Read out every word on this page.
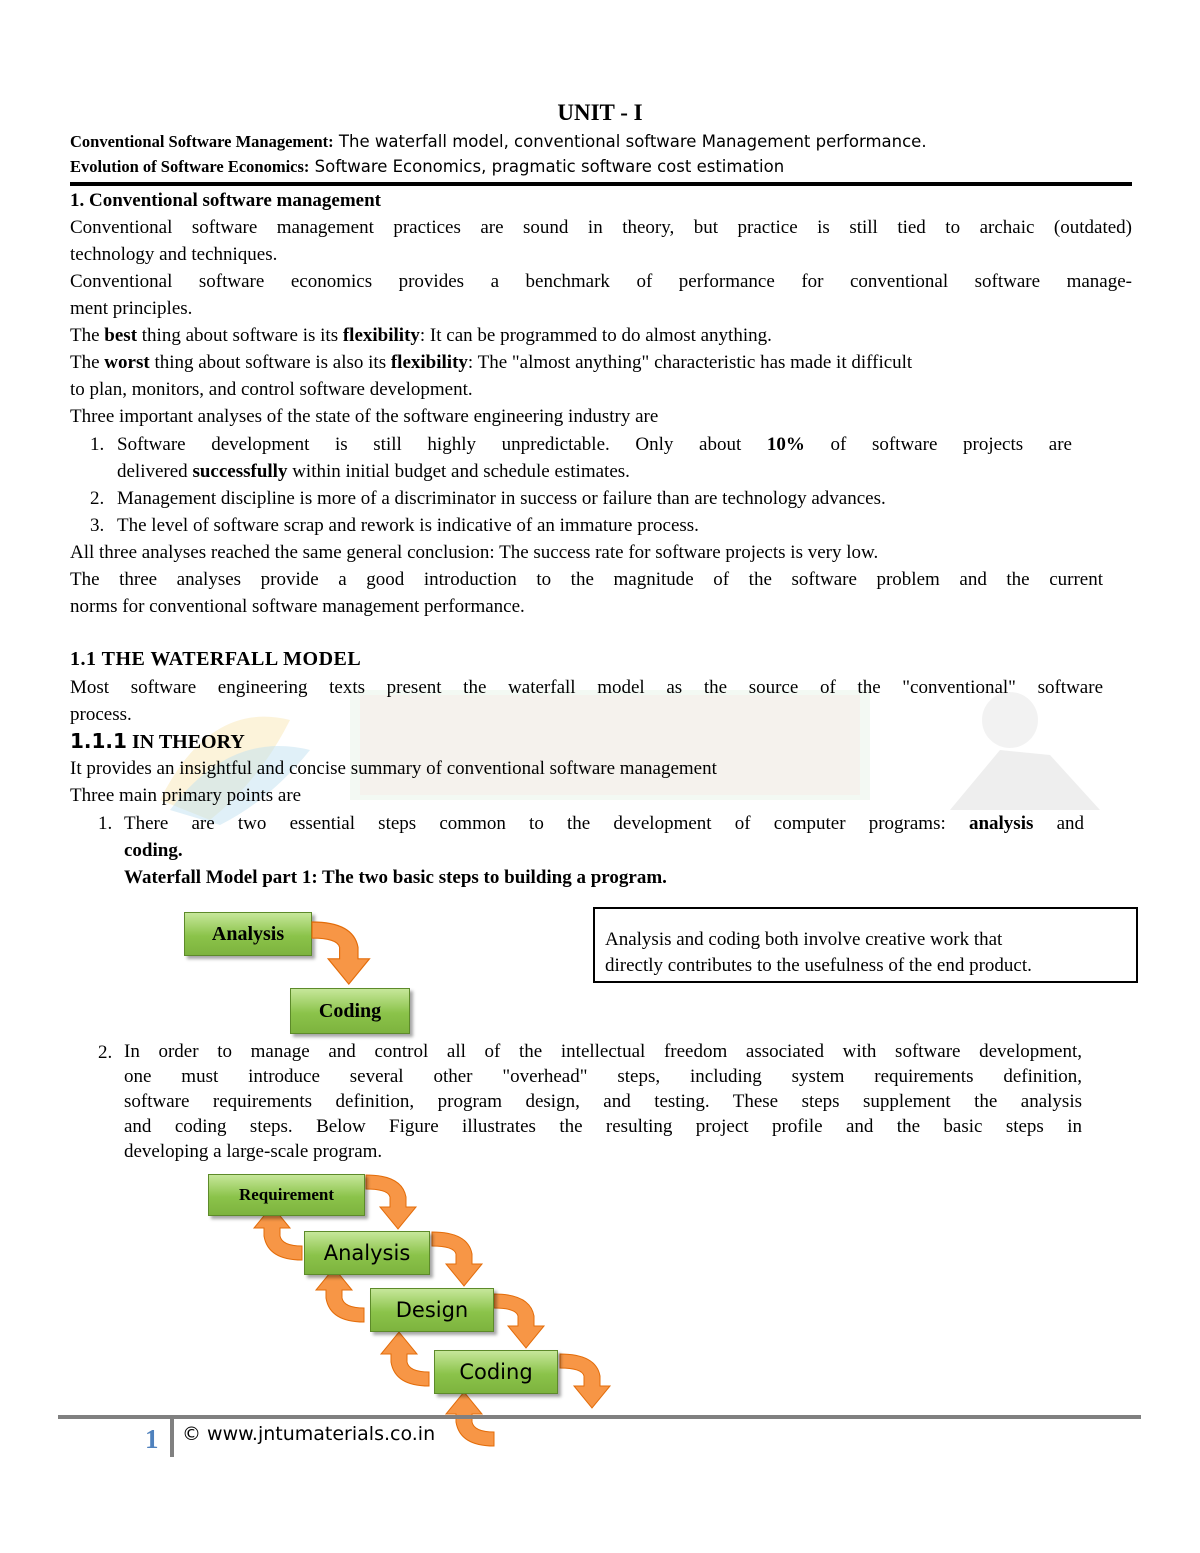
UNIT - I
Conventional Software Management: The waterfall model, conventional software Management performance.
Evolution of Software Economics: Software Economics, pragmatic software cost estimation
1. Conventional software management
Conventional software management practices are sound in theory, but practice is still tied to archaic (outdated)
technology and techniques.
Conventional software economics provides a benchmark of performance for conventional software manage-
ment principles.
The best thing about software is its flexibility: It can be programmed to do almost anything.
The worst thing about software is also its flexibility: The "almost anything" characteristic has made it difficult
to plan, monitors, and control software development.
Three important analyses of the state of the software engineering industry are
1. Software development is still highly unpredictable. Only about 10% of software projects are
delivered successfully within initial budget and schedule estimates.
2. Management discipline is more of a discriminator in success or failure than are technology advances.
3. The level of software scrap and rework is indicative of an immature process.
All three analyses reached the same general conclusion: The success rate for software projects is very low.
The three analyses provide a good introduction to the magnitude of the software problem and the current
norms for conventional software management performance.
1.1 THE WATERFALL MODEL
Most software engineering texts present the waterfall model as the source of the "conventional" software
process.
1.1.1 IN THEORY
It provides an insightful and concise summary of conventional software management
Three main primary points are
1. There are two essential steps common to the development of computer programs: analysis and
coding.
Waterfall Model part 1: The two basic steps to building a program.
Analysis
Coding
Analysis and coding both involve creative work that
directly contributes to the usefulness of the end product.
2. In order to manage and control all of the intellectual freedom associated with software development,
one must introduce several other "overhead" steps, including system requirements definition,
software requirements definition, program design, and testing. These steps supplement the analysis
and coding steps. Below Figure illustrates the resulting project profile and the basic steps in
developing a large-scale program.
Requirement
Analysis
Design
Coding
1 © www.jntumaterials.co.in
